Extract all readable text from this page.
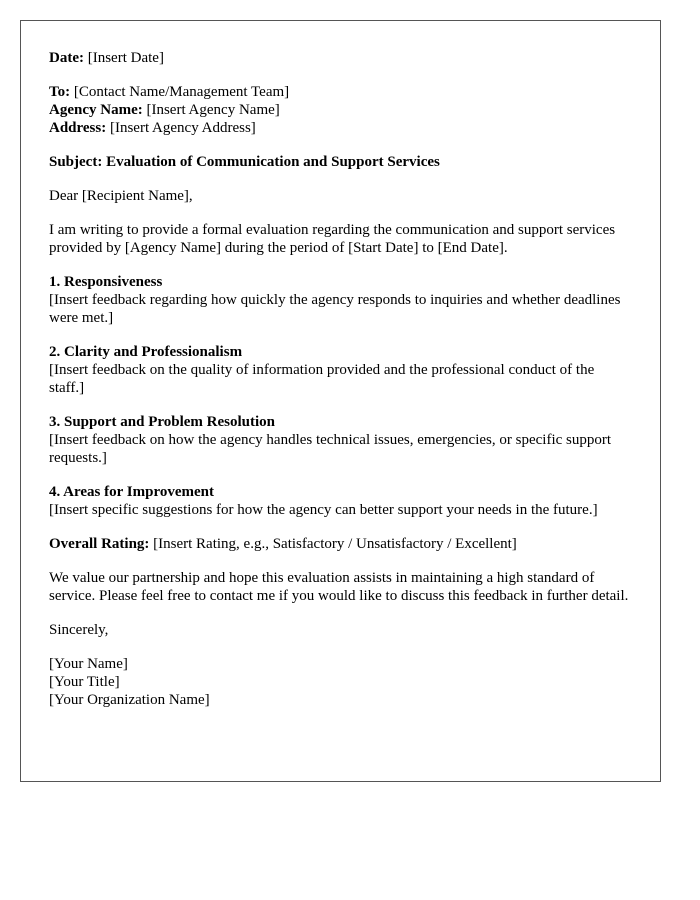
Date: [Insert Date]

To: [Contact Name/Management Team]
Agency Name: [Insert Agency Name]
Address: [Insert Agency Address]

Subject: Evaluation of Communication and Support Services

Dear [Recipient Name],

I am writing to provide a formal evaluation regarding the communication and support services provided by [Agency Name] during the period of [Start Date] to [End Date].

1. Responsiveness
[Insert feedback regarding how quickly the agency responds to inquiries and whether deadlines were met.]

2. Clarity and Professionalism
[Insert feedback on the quality of information provided and the professional conduct of the staff.]

3. Support and Problem Resolution
[Insert feedback on how the agency handles technical issues, emergencies, or specific support requests.]

4. Areas for Improvement
[Insert specific suggestions for how the agency can better support your needs in the future.]

Overall Rating: [Insert Rating, e.g., Satisfactory / Unsatisfactory / Excellent]

We value our partnership and hope this evaluation assists in maintaining a high standard of service. Please feel free to contact me if you would like to discuss this feedback in further detail.

Sincerely,

[Your Name]
[Your Title]
[Your Organization Name]
